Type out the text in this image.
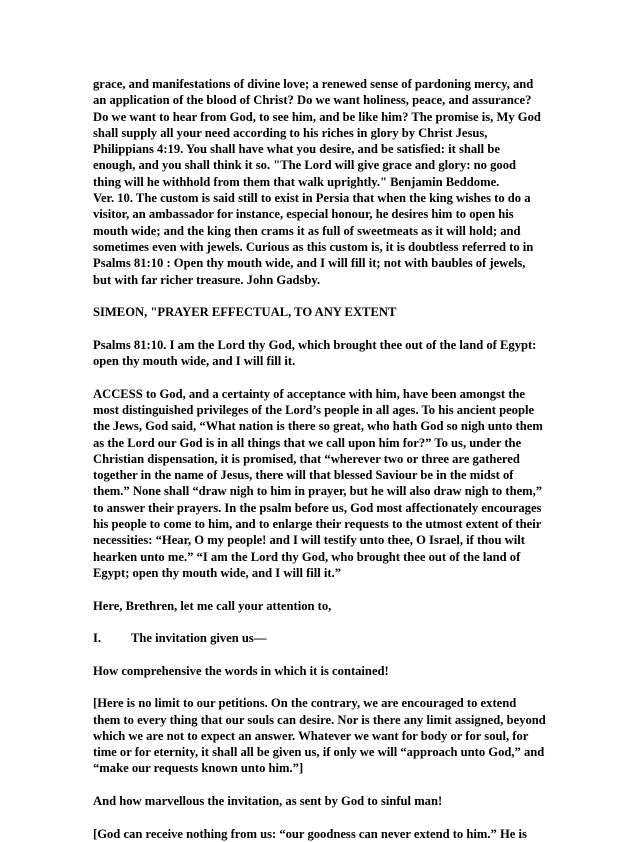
grace, and manifestations of divine love; a renewed sense of pardoning mercy, and
an application of the blood of Christ? Do we want holiness, peace, and assurance?
Do we want to hear from God, to see him, and be like him? The promise is, My God
shall supply all your need according to his riches in glory by Christ Jesus,
Philippians 4:19. You shall have what you desire, and be satisfied: it shall be
enough, and you shall think it so. "The Lord will give grace and glory: no good
thing will he withhold from them that walk uprightly." Benjamin Beddome.
Ver. 10. The custom is said still to exist in Persia that when the king wishes to do a
visitor, an ambassador for instance, especial honour, he desires him to open his
mouth wide; and the king then crams it as full of sweetmeats as it will hold; and
sometimes even with jewels. Curious as this custom is, it is doubtless referred to in
Psalms 81:10 : Open thy mouth wide, and I will fill it; not with baubles of jewels,
but with far richer treasure. John Gadsby.

SIMEON, "PRAYER EFFECTUAL, TO ANY EXTENT

Psalms 81:10. I am the Lord thy God, which brought thee out of the land of Egypt:
open thy mouth wide, and I will fill it.

ACCESS to God, and a certainty of acceptance with him, have been amongst the
most distinguished privileges of the Lord’s people in all ages. To his ancient people
the Jews, God said, “What nation is there so great, who hath God so nigh unto them
as the Lord our God is in all things that we call upon him for?” To us, under the
Christian dispensation, it is promised, that “wherever two or three are gathered
together in the name of Jesus, there will that blessed Saviour be in the midst of
them.” None shall “draw nigh to him in prayer, but he will also draw nigh to them,”
to answer their prayers. In the psalm before us, God most affectionately encourages
his people to come to him, and to enlarge their requests to the utmost extent of their
necessities: “Hear, O my people! and I will testify unto thee, O Israel, if thou wilt
hearken unto me.” “I am the Lord thy God, who brought thee out of the land of
Egypt; open thy mouth wide, and I will fill it.”

Here, Brethren, let me call your attention to,

I.	The invitation given us—

How comprehensive the words in which it is contained!

[Here is no limit to our petitions. On the contrary, we are encouraged to extend
them to every thing that our souls can desire. Nor is there any limit assigned, beyond
which we are not to expect an answer. Whatever we want for body or for soul, for
time or for eternity, it shall all be given us, if only we will “approach unto God,” and
“make our requests known unto him.”]

And how marvellous the invitation, as sent by God to sinful man!

[God can receive nothing from us: “our goodness can never extend to him.” He is
